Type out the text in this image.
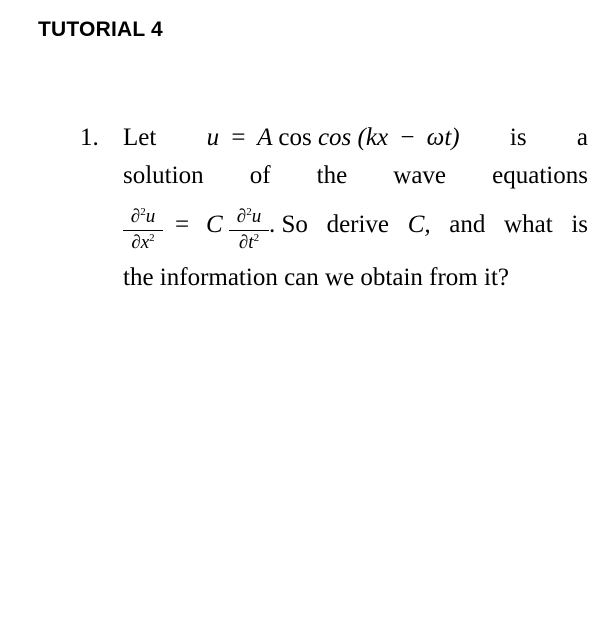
TUTORIAL 4
1. Let u = A cos cos (kx − ωt) is a
solution of the wave equations
∂$^2$u
$\partial x^2 = C$ ∂$^2$u
$\partial t^2$ . So derive C, and what is
the information can we obtain from it?
